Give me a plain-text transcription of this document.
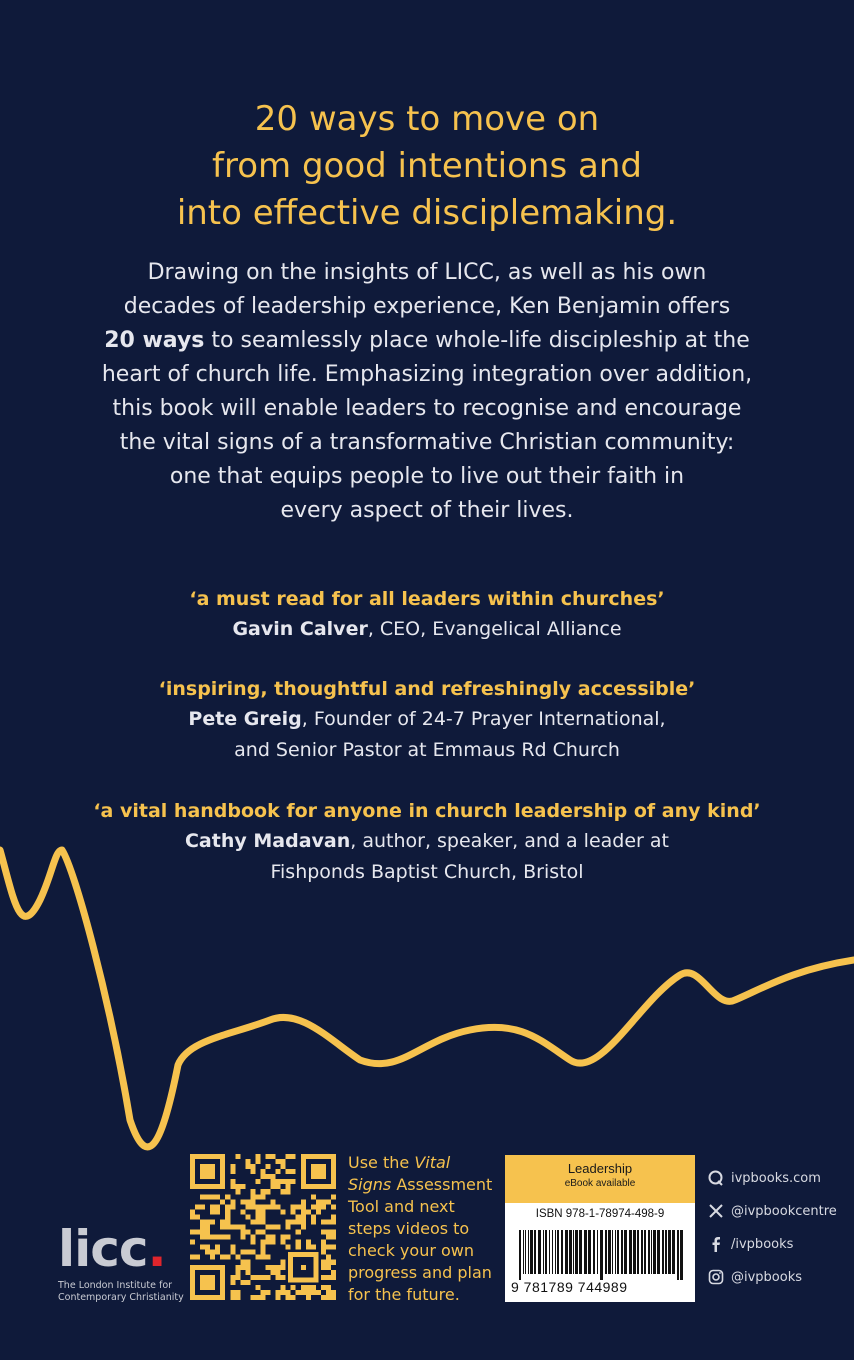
20 ways to move on
from good intentions and
into effective disciplemaking.
Drawing on the insights of LICC, as well as his own
decades of leadership experience, Ken Benjamin offers
20 ways to seamlessly place whole-life discipleship at the
heart of church life. Emphasizing integration over addition,
this book will enable leaders to recognise and encourage
the vital signs of a transformative Christian community:
one that equips people to live out their faith in
every aspect of their lives.
‘a must read for all leaders within churches’
Gavin Calver, CEO, Evangelical Alliance
‘inspiring, thoughtful and refreshingly accessible’
Pete Greig, Founder of 24-7 Prayer International,
and Senior Pastor at Emmaus Rd Church
‘a vital handbook for anyone in church leadership of any kind’
Cathy Madavan, author, speaker, and a leader at
Fishponds Baptist Church, Bristol
licc.
The London Institute for
Contemporary Christianity
Use the Vital Signs Assessment Tool and next steps videos to check your own progress and plan for the future.
Leadership
eBook available
ISBN 978-1-78974-498-9
9 781789 744989
ivpbooks.com
@ivpbookcentre
/ivpbooks
@ivpbooks
